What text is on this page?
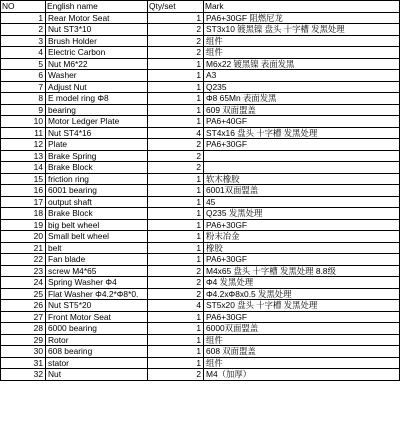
NO	English name	Qty/set	Mark
1	Rear Motor Seat	1	PA6+30GF 阻燃尼龙
2	Nut ST3*10	2	ST3x10 镀黑镍 盘头 十字槽 发黑处理
3	Brush Holder	2	组件
4	Electric Carbon	2	组件
5	Nut M6*22	1	M6x22 镀黑镍 表面发黑
6	Washer	1	A3
7	Adjust Nut	1	Q235
8	E model ring Φ8	1	Φ8 65Mn 表面发黑
9	bearing	1	609 双面盟盖
10	Motor Ledger Plate	1	PA6+40GF
11	Nut ST4*16	4	ST4x16 盘头 十字槽 发黑处理
12	Plate	2	PA6+30GF
13	Brake Spring	2	
14	Brake Block	2	
15	friction ring	1	软木橡胶
16	6001 bearing	1	6001双面盟盖
17	output shaft	1	45
18	Brake Block	1	Q235 发黑处理
19	big belt wheel	1	PA6+30GF
20	Small belt wheel	1	粉末冶金
21	belt	1	橡胶
22	Fan blade	1	PA6+30GF
23	screw M4*65	2	M4x65 盘头 十字槽 发黑处理 8.8级
24	Spring Washer Φ4	2	Φ4 发黑处理
25	Flat Washer Φ4.2*Φ8*0.	2	Φ4.2xΦ8x0.5 发黑处理
26	Nut ST5*20	4	ST5x20 盘头 十字槽 发黑处理
27	Front Motor Seat	1	PA6+30GF
28	6000 bearing	1	6000双面盟盖
29	Rotor	1	组件
30	608 bearing	1	608 双面盟盖
31	stator	1	组件
32	Nut	2	M4（加厚）
